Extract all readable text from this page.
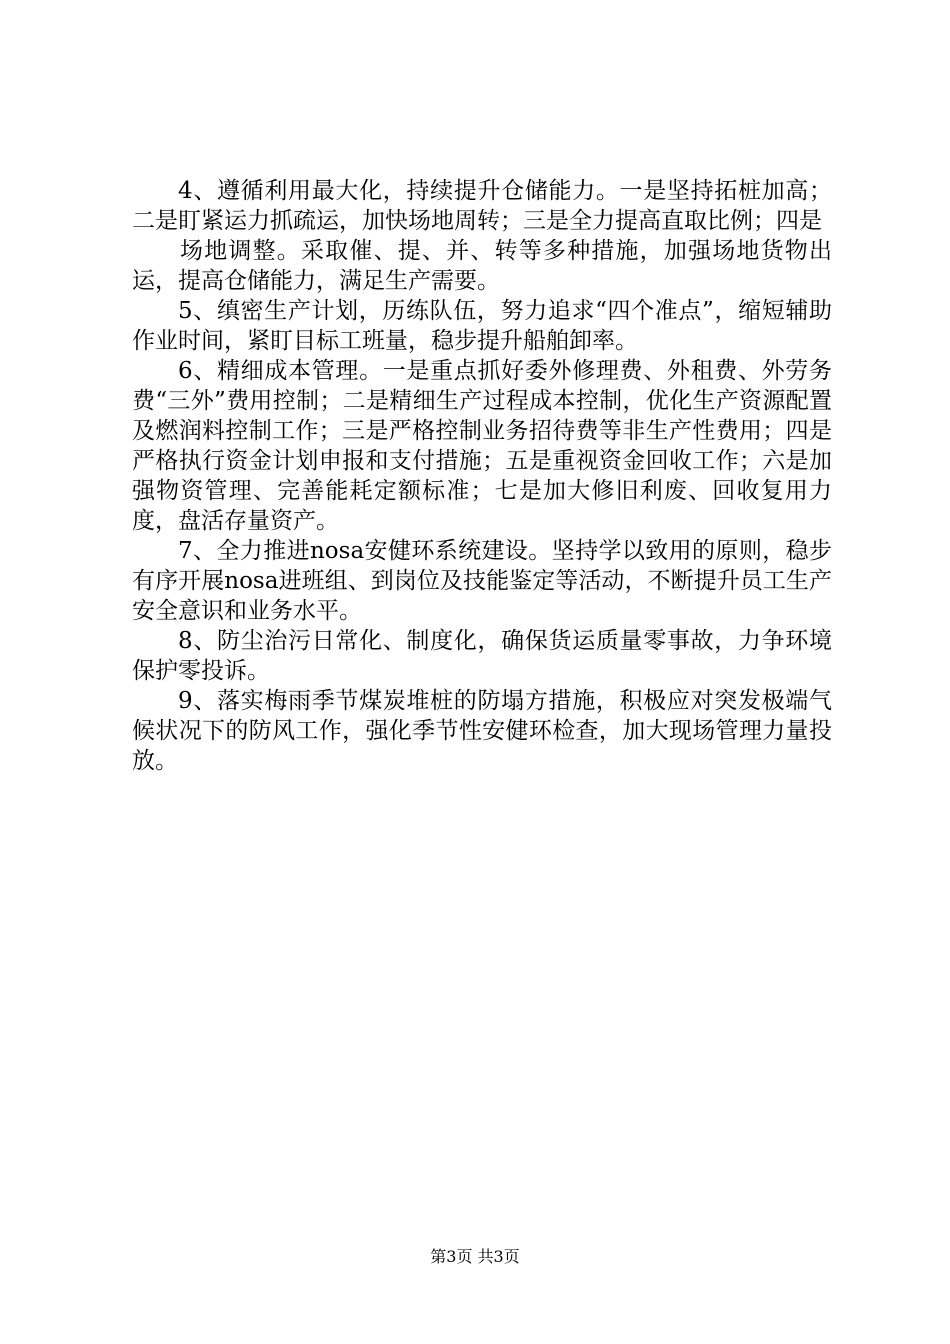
4、遵循利用最大化，持续提升仓储能力。一是坚持拓桩加高；二是盯紧运力抓疏运，加快场地周转；三是全力提高直取比例；四是

场地调整。采取催、提、并、转等多种措施，加强场地货物出运，提高仓储能力，满足生产需要。

5、缜密生产计划，历练队伍，努力追求“四个准点”，缩短辅助作业时间，紧盯目标工班量，稳步提升船舶卸率。

6、精细成本管理。一是重点抓好委外修理费、外租费、外劳务费“三外”费用控制；二是精细生产过程成本控制，优化生产资源配置及燃润料控制工作；三是严格控制业务招待费等非生产性费用；四是严格执行资金计划申报和支付措施；五是重视资金回收工作；六是加强物资管理、完善能耗定额标准；七是加大修旧利废、回收复用力度，盘活存量资产。

7、全力推进nosa安健环系统建设。坚持学以致用的原则，稳步有序开展nosa进班组、到岗位及技能鉴定等活动，不断提升员工生产安全意识和业务水平。

8、防尘治污日常化、制度化，确保货运质量零事故，力争环境保护零投诉。

9、落实梅雨季节煤炭堆桩的防塌方措施，积极应对突发极端气候状况下的防风工作，强化季节性安健环检查，加大现场管理力量投放。

第3页 共3页
